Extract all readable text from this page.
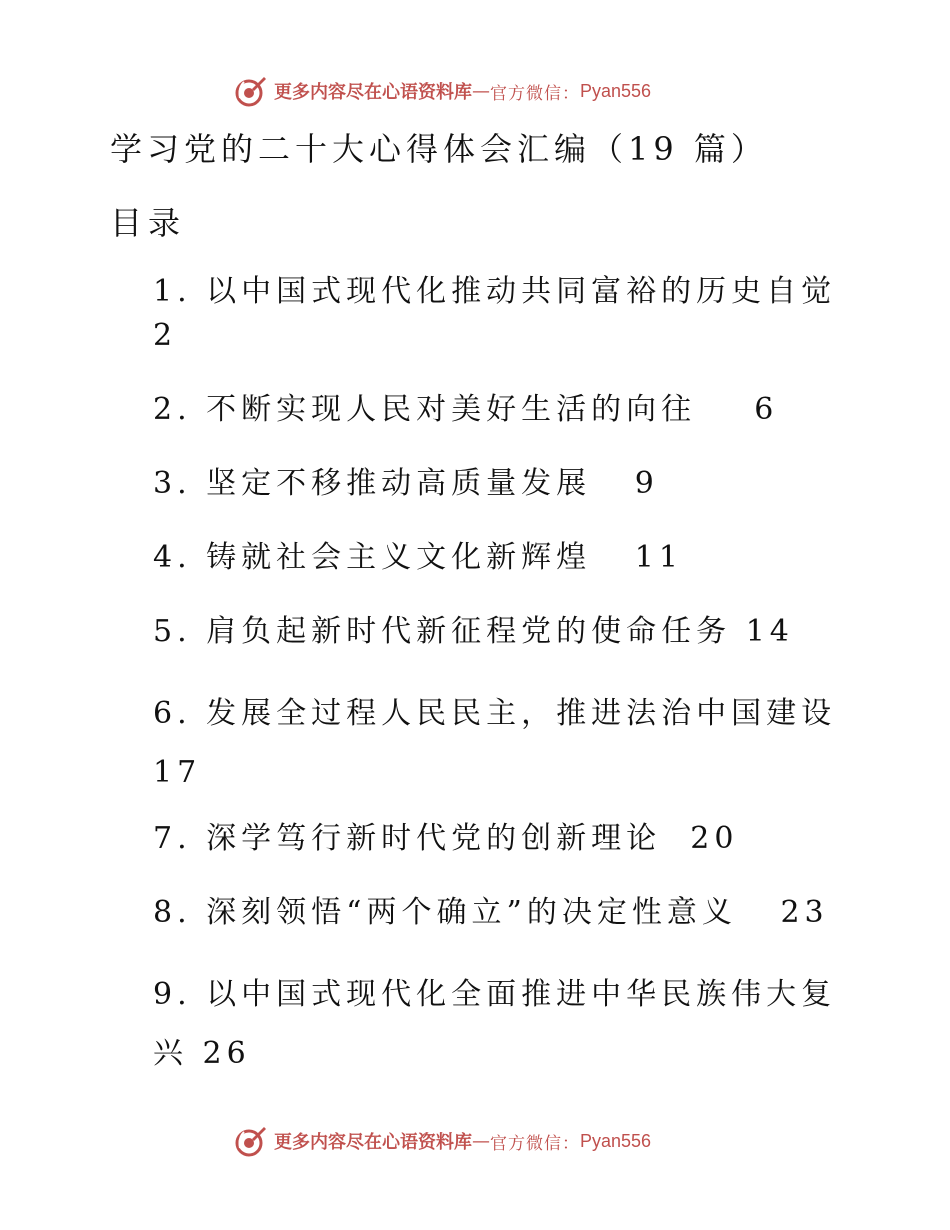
更多内容尽在心语资料库 — 官方微信： Pyan556
学习党的二十大心得体会汇编（19 篇）
目录
1. 以中国式现代化推动共同富裕的历史自觉  2
2. 不断实现人民对美好生活的向往    6
3. 坚定不移推动高质量发展   9
4. 铸就社会主义文化新辉煌   11
5. 肩负起新时代新征程党的使命任务 14
6. 发展全过程人民民主，推进法治中国建设 17
7. 深学笃行新时代党的创新理论  20
8. 深刻领悟“两个确立”的决定性意义   23
9. 以中国式现代化全面推进中华民族伟大复兴 26
更多内容尽在心语资料库 — 官方微信： Pyan556
